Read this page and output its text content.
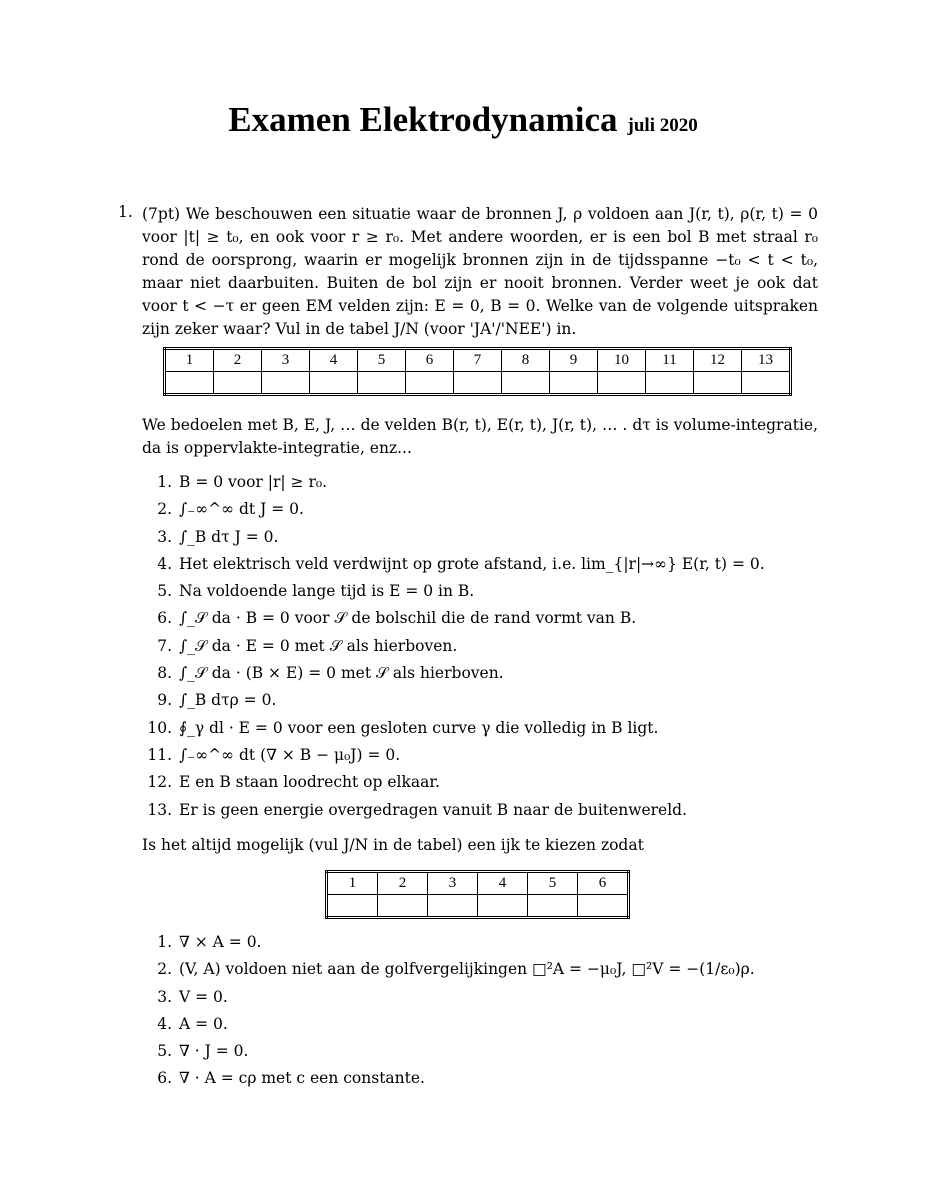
Examen Elektrodynamica juli 2020
1. (7pt) We beschouwen een situatie waar de bronnen J, ρ voldoen aan J(r, t), ρ(r, t) = 0 voor |t| ≥ t₀, en ook voor r ≥ r₀. Met andere woorden, er is een bol B met straal r₀ rond de oorsprong, waarin er mogelijk bronnen zijn in de tijdsspanne −t₀ < t < t₀, maar niet daarbuiten. Buiten de bol zijn er nooit bronnen. Verder weet je ook dat voor t < −τ er geen EM velden zijn: E = 0, B = 0. Welke van de volgende uitspraken zijn zeker waar? Vul in de tabel J/N (voor 'JA'/'NEE') in.
1	2	3	4	5	6	7	8	9	10	11	12	13

We bedoelen met B, E, J, … de velden B(r, t), E(r, t), J(r, t), … . dτ is volume-integratie, da is oppervlakte-integratie, enz...
1. B = 0 voor |r| ≥ r₀.
2. ∫₋∞^∞ dt J = 0.
3. ∫_B dτ J = 0.
4. Het elektrisch veld verdwijnt op grote afstand, i.e. lim_{|r|→∞} E(r, t) = 0.
5. Na voldoende lange tijd is E = 0 in B.
6. ∫_𝒮 da · B = 0 voor 𝒮 de bolschil die de rand vormt van B.
7. ∫_𝒮 da · E = 0 met 𝒮 als hierboven.
8. ∫_𝒮 da · (B × E) = 0 met 𝒮 als hierboven.
9. ∫_B dτρ = 0.
10. ∮_γ dl · E = 0 voor een gesloten curve γ die volledig in B ligt.
11. ∫₋∞^∞ dt (∇ × B − μ₀J) = 0.
12. E en B staan loodrecht op elkaar.
13. Er is geen energie overgedragen vanuit B naar de buitenwereld.
Is het altijd mogelijk (vul J/N in de tabel) een ijk te kiezen zodat
1	2	3	4	5	6

1. ∇ × A = 0.
2. (V, A) voldoen niet aan de golfvergelijkingen □²A = −μ₀J, □²V = −(1/ε₀)ρ.
3. V = 0.
4. A = 0.
5. ∇ · J = 0.
6. ∇ · A = cρ met c een constante.
